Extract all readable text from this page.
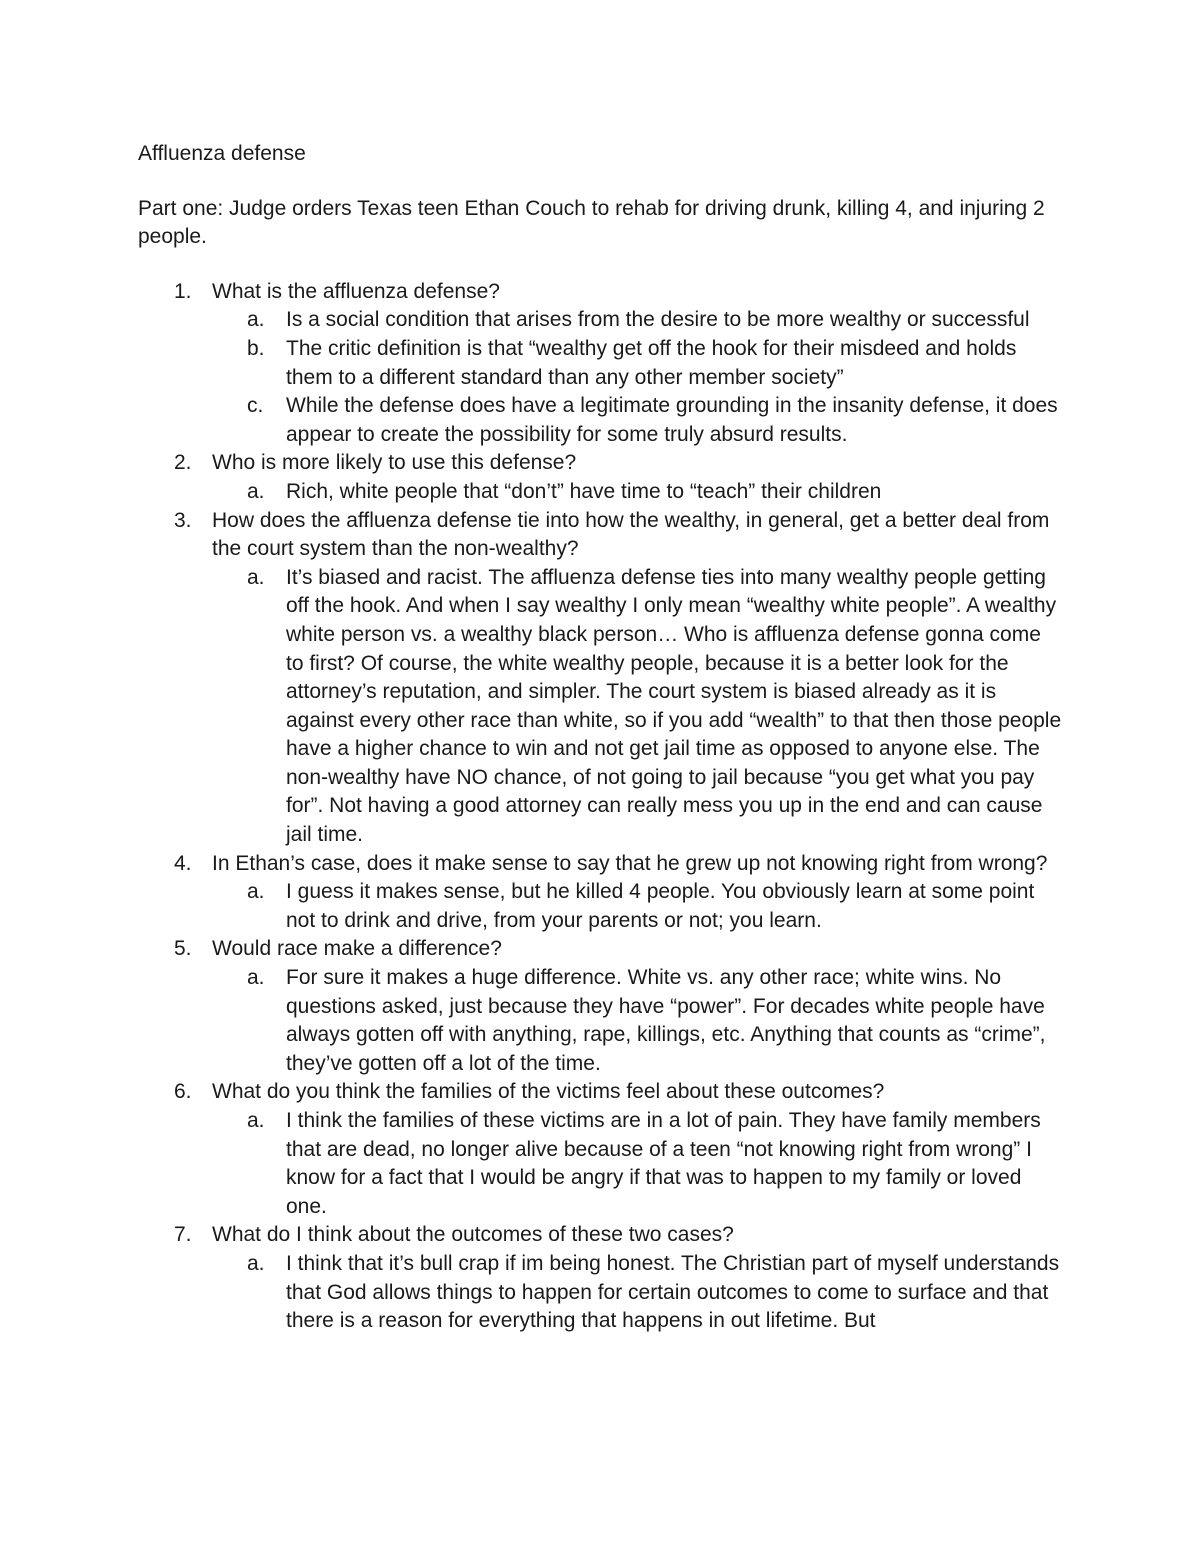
Affluenza defense

Part one: Judge orders Texas teen Ethan Couch to rehab for driving drunk, killing 4, and injuring 2 people.

1. What is the affluenza defense?
a. Is a social condition that arises from the desire to be more wealthy or successful
b. The critic definition is that “wealthy get off the hook for their misdeed and holds them to a different standard than any other member society”
c. While the defense does have a legitimate grounding in the insanity defense, it does appear to create the possibility for some truly absurd results.
2. Who is more likely to use this defense?
a. Rich, white people that “don’t” have time to “teach” their children
3. How does the affluenza defense tie into how the wealthy, in general, get a better deal from the court system than the non-wealthy?
a. It’s biased and racist. The affluenza defense ties into many wealthy people getting off the hook. And when I say wealthy I only mean “wealthy white people”. A wealthy white person vs. a wealthy black person… Who is affluenza defense gonna come to first? Of course, the white wealthy people, because it is a better look for the attorney’s reputation, and simpler. The court system is biased already as it is against every other race than white, so if you add “wealth” to that then those people have a higher chance to win and not get jail time as opposed to anyone else. The non-wealthy have NO chance, of not going to jail because “you get what you pay for”. Not having a good attorney can really mess you up in the end and can cause jail time.
4. In Ethan’s case, does it make sense to say that he grew up not knowing right from wrong?
a. I guess it makes sense, but he killed 4 people. You obviously learn at some point not to drink and drive, from your parents or not; you learn.
5. Would race make a difference?
a. For sure it makes a huge difference. White vs. any other race; white wins. No questions asked, just because they have “power”. For decades white people have always gotten off with anything, rape, killings, etc. Anything that counts as “crime”, they’ve gotten off a lot of the time.
6. What do you think the families of the victims feel about these outcomes?
a. I think the families of these victims are in a lot of pain. They have family members that are dead, no longer alive because of a teen “not knowing right from wrong” I know for a fact that I would be angry if that was to happen to my family or loved one.
7. What do I think about the outcomes of these two cases?
a. I think that it’s bull crap if im being honest. The Christian part of myself understands that God allows things to happen for certain outcomes to come to surface and that there is a reason for everything that happens in out lifetime. But
